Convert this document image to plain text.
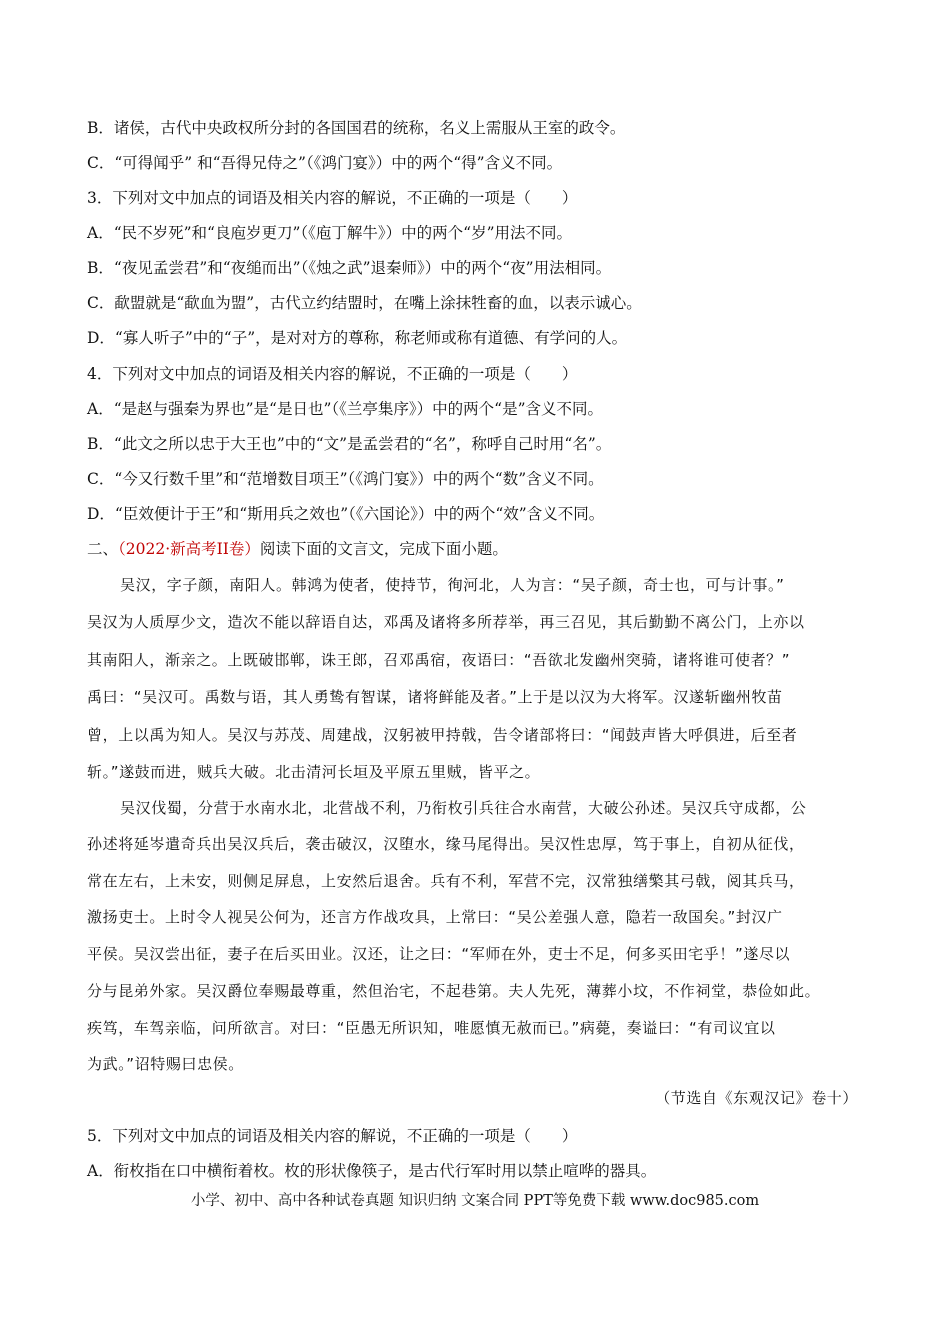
B．诸侯，古代中央政权所分封的各国国君的统称，名义上需服从王室的政令。
C．“可得闻乎” 和“吾得兄侍之”（《鸿门宴》）中的两个“得”含义不同。
3．下列对文中加点的词语及相关内容的解说，不正确的一项是（　　）
A．“民不岁死”和“良庖岁更刀”（《庖丁解牛》）中的两个“岁”用法不同。
B．“夜见孟尝君”和“夜缒而出”（《烛之武”退秦师》）中的两个“夜”用法相同。
C．歃盟就是“歃血为盟”，古代立约结盟时，在嘴上涂抹牲畜的血，以表示诚心。
D．“寡人听子”中的“子”，是对对方的尊称，称老师或称有道德、有学问的人。
4．下列对文中加点的词语及相关内容的解说，不正确的一项是（　　）
A．“是赵与强秦为界也”是“是日也”（《兰亭集序》）中的两个“是”含义不同。
B．“此文之所以忠于大王也”中的“文”是孟尝君的“名”，称呼自己时用“名”。
C．“今又行数千里”和“范增数目项王”（《鸿门宴》）中的两个“数”含义不同。
D．“臣效便计于王”和“斯用兵之效也”（《六国论》）中的两个“效”含义不同。
二、（2022·新高考II卷）阅读下面的文言文，完成下面小题。
吴汉，字子颜，南阳人。韩鸿为使者，使持节，徇河北，人为言：“吴子颜，奇士也，可与计事。”
吴汉为人质厚少文，造次不能以辞语自达，邓禹及诸将多所荐举，再三召见，其后勤勤不离公门，上亦以
其南阳人，渐亲之。上既破邯郸，诛王郎，召邓禹宿，夜语曰：“吾欲北发幽州突骑，诸将谁可使者？”
禹曰：“吴汉可。禹数与语，其人勇鸷有智谋，诸将鲜能及者。”上于是以汉为大将军。汉遂斩幽州牧苗
曾，上以禹为知人。吴汉与苏茂、周建战，汉躬被甲持戟，告令诸部将曰：“闻鼓声皆大呼俱进，后至者
斩。”遂鼓而进，贼兵大破。北击清河长垣及平原五里贼，皆平之。
吴汉伐蜀，分营于水南水北，北营战不利，乃衔枚引兵往合水南营，大破公孙述。吴汉兵守成都，公
孙述将延岑遣奇兵出吴汉兵后，袭击破汉，汉堕水，缘马尾得出。吴汉性忠厚，笃于事上，自初从征伐，
常在左右，上未安，则侧足屏息，上安然后退舍。兵有不利，军营不完，汉常独缮檠其弓戟，阅其兵马，
激扬吏士。上时令人视吴公何为，还言方作战攻具，上常曰：“吴公差强人意，隐若一敌国矣。”封汉广
平侯。吴汉尝出征，妻子在后买田业。汉还，让之曰：“军师在外，吏士不足，何多买田宅乎！”遂尽以
分与昆弟外家。吴汉爵位奉赐最尊重，然但治宅，不起巷第。夫人先死，薄葬小坟，不作祠堂，恭俭如此。
疾笃，车驾亲临，问所欲言。对曰：“臣愚无所识知，唯愿慎无赦而已。”病薨，奏谥曰：“有司议宜以
为武。”诏特赐曰忠侯。
（节选自《东观汉记》卷十）
5．下列对文中加点的词语及相关内容的解说，不正确的一项是（　　）
A．衔枚指在口中横衔着枚。枚的形状像筷子，是古代行军时用以禁止喧哗的器具。
小学、初中、高中各种试卷真题 知识归纳 文案合同 PPT等免费下载 www.doc985.com
